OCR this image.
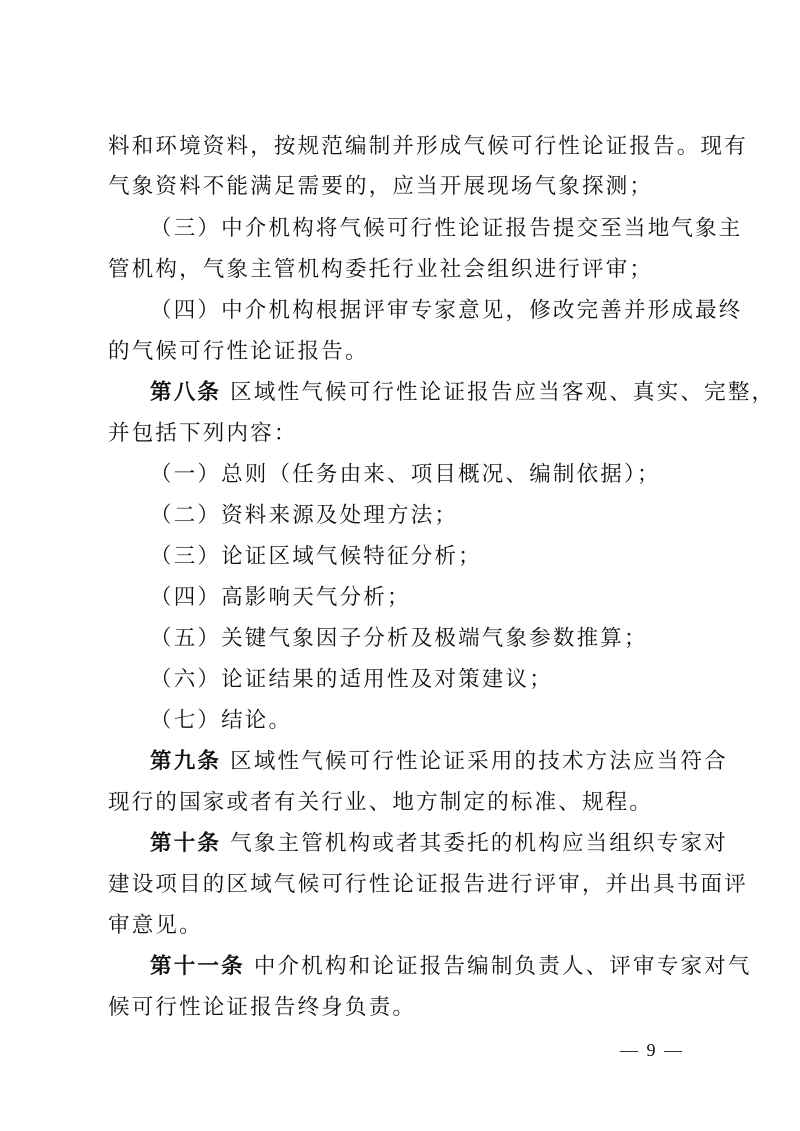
料和环境资料，按规范编制并形成气候可行性论证报告。现有
气象资料不能满足需要的，应当开展现场气象探测；
（三）中介机构将气候可行性论证报告提交至当地气象主
管机构，气象主管机构委托行业社会组织进行评审；
（四）中介机构根据评审专家意见，修改完善并形成最终
的气候可行性论证报告。
第八条 区域性气候可行性论证报告应当客观、真实、完整，
并包括下列内容：
（一）总则（任务由来、项目概况、编制依据）；
（二）资料来源及处理方法；
（三）论证区域气候特征分析；
（四）高影响天气分析；
（五）关键气象因子分析及极端气象参数推算；
（六）论证结果的适用性及对策建议；
（七）结论。
第九条 区域性气候可行性论证采用的技术方法应当符合
现行的国家或者有关行业、地方制定的标准、规程。
第十条 气象主管机构或者其委托的机构应当组织专家对
建设项目的区域气候可行性论证报告进行评审，并出具书面评
审意见。
第十一条 中介机构和论证报告编制负责人、评审专家对气
候可行性论证报告终身负责。
— 9 —
